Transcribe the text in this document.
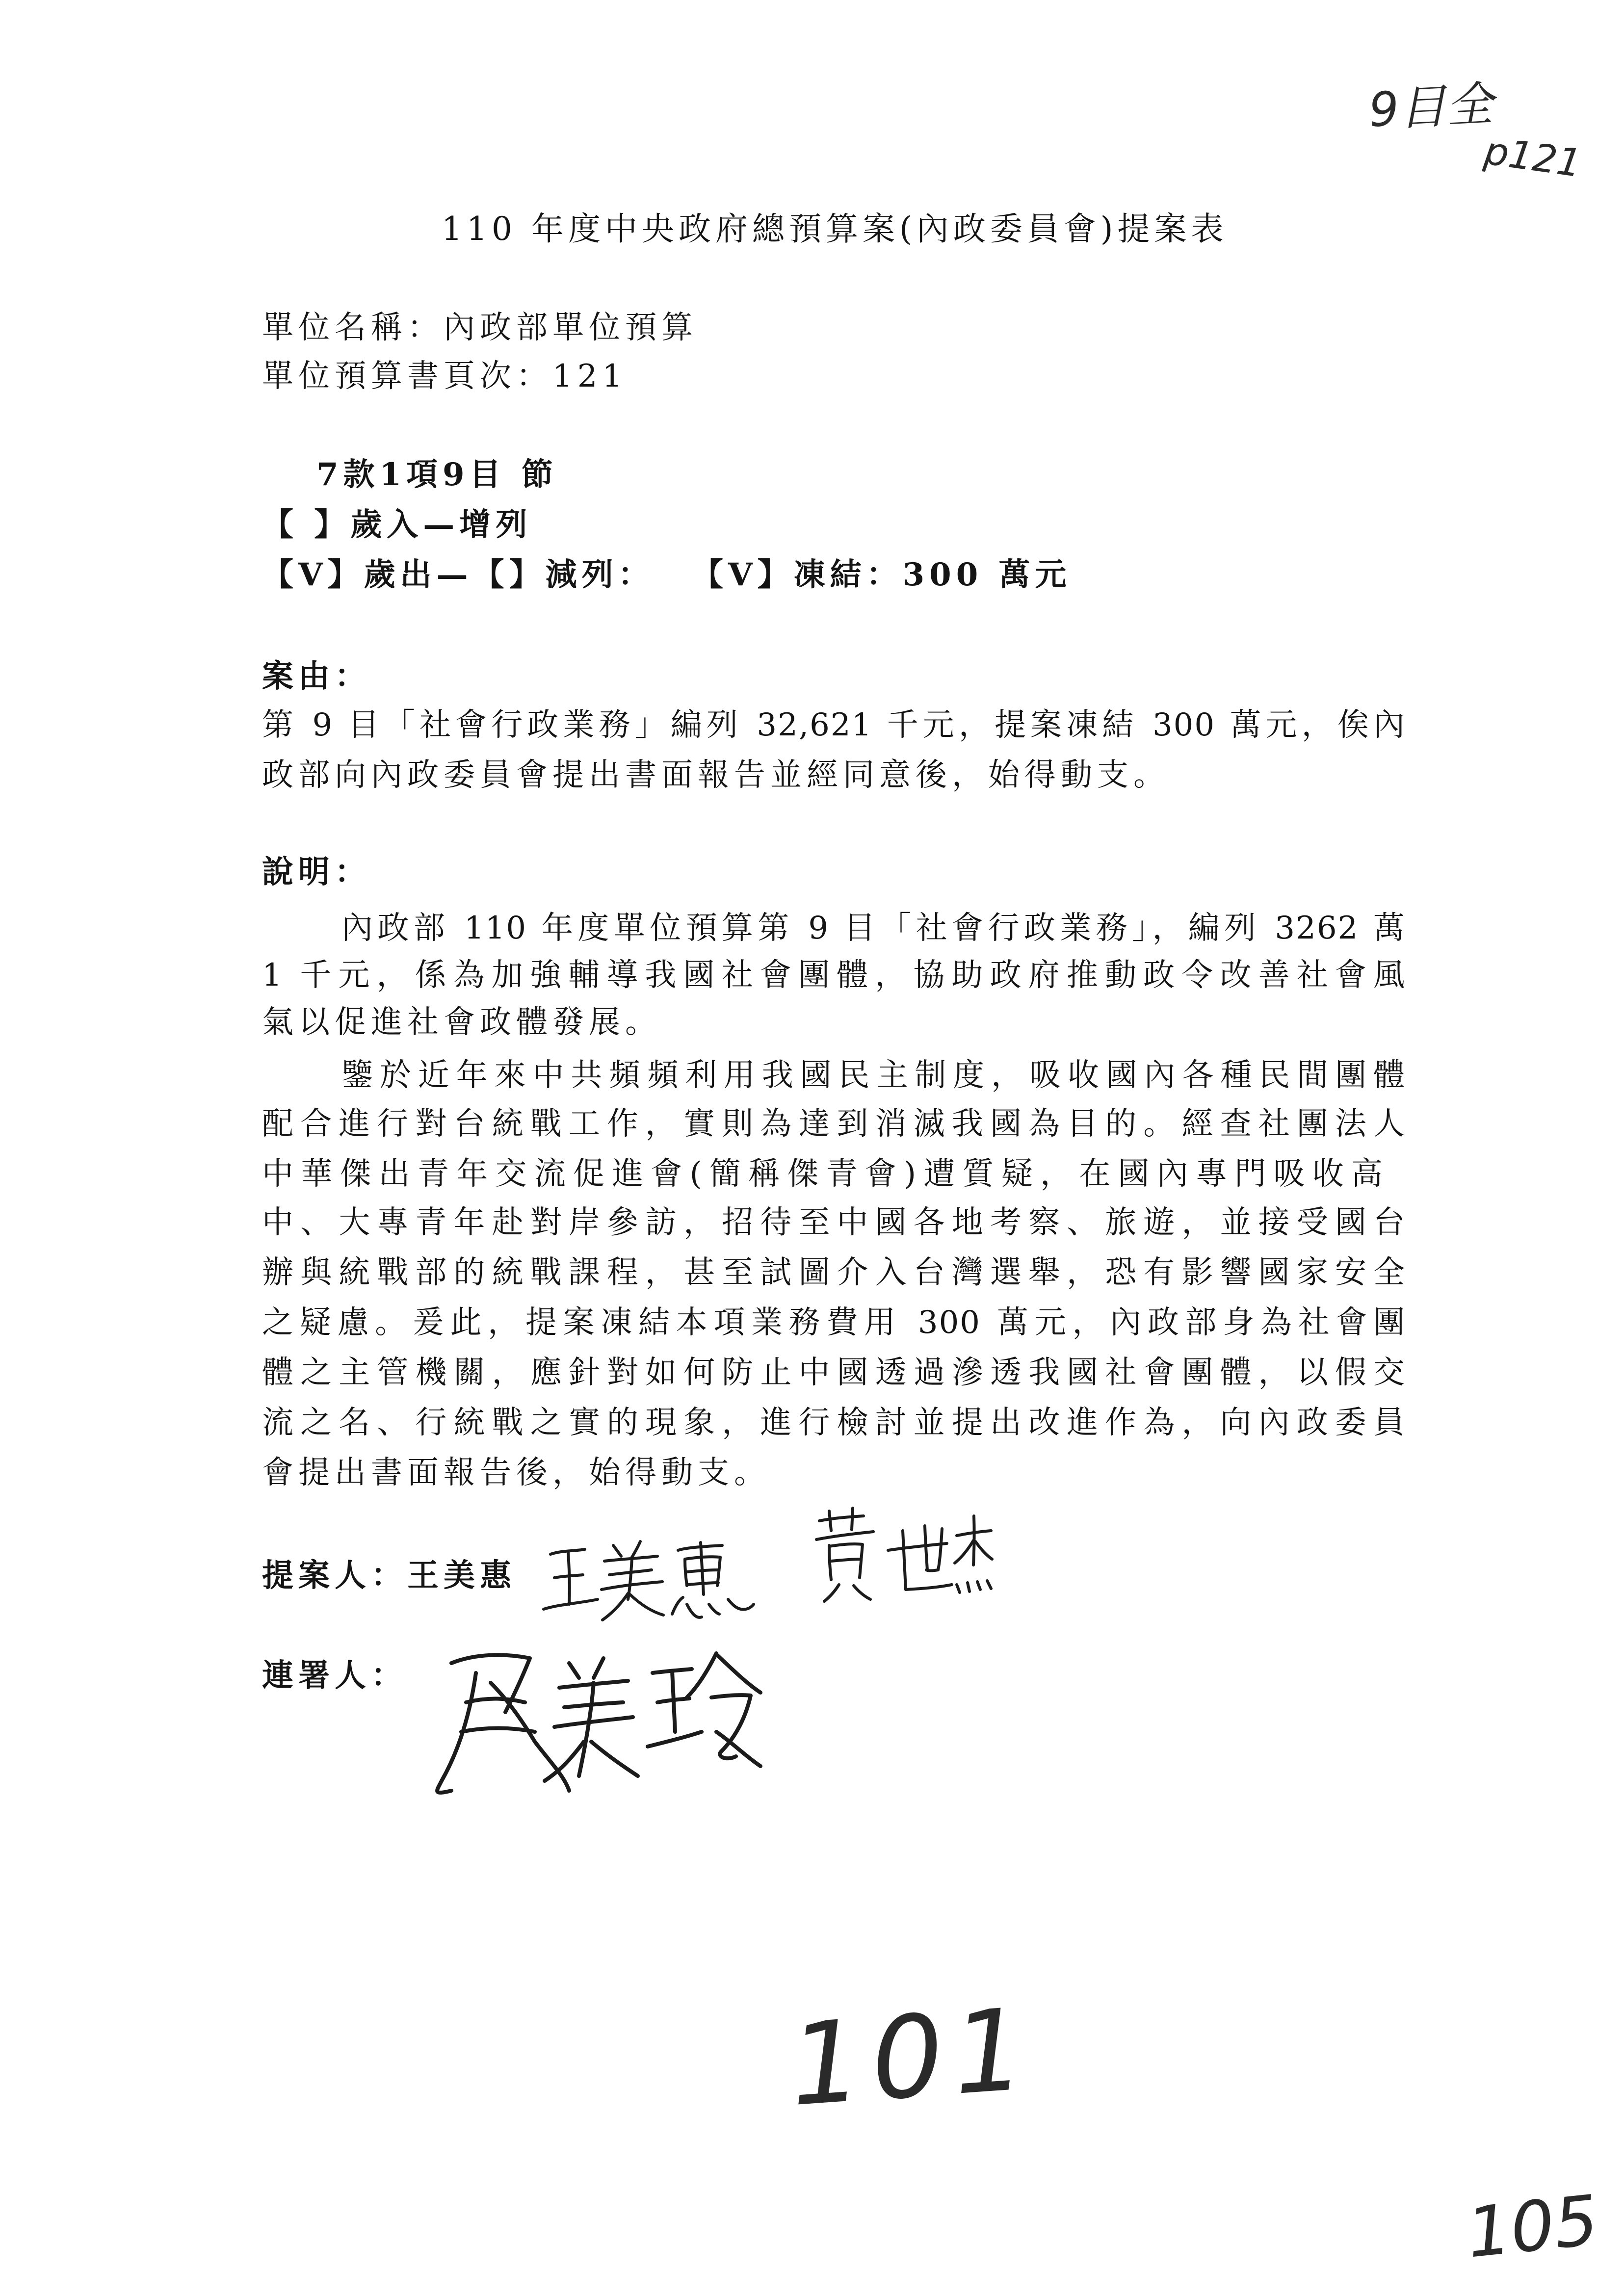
9目全
p121
110 年度中央政府總預算案(內政委員會)提案表
單位名稱：內政部單位預算
單位預算書頁次：121
7款1項9目 節
【 】歲入—增列
【V】歲出—【】減列： 【V】凍結：300 萬元
案由：
第 9 目「社會行政業務」編列 32,621 千元，提案凍結 300 萬元，俟內
政部向內政委員會提出書面報告並經同意後，始得動支。
說明：
內政部 110 年度單位預算第 9 目「社會行政業務」，編列 3262 萬
1 千元，係為加強輔導我國社會團體，協助政府推動政令改善社會風
氣以促進社會政體發展。
鑒於近年來中共頻頻利用我國民主制度，吸收國內各種民間團體
配合進行對台統戰工作，實則為達到消滅我國為目的。經查社團法人
中華傑出青年交流促進會(簡稱傑青會)遭質疑，在國內專門吸收高
中、大專青年赴對岸參訪，招待至中國各地考察、旅遊，並接受國台
辦與統戰部的統戰課程，甚至試圖介入台灣選舉，恐有影響國家安全
之疑慮。爰此，提案凍結本項業務費用 300 萬元，內政部身為社會團
體之主管機關，應針對如何防止中國透過滲透我國社會團體，以假交
流之名、行統戰之實的現象，進行檢討並提出改進作為，向內政委員
會提出書面報告後，始得動支。
提案人：王美惠
連署人：
101
105
